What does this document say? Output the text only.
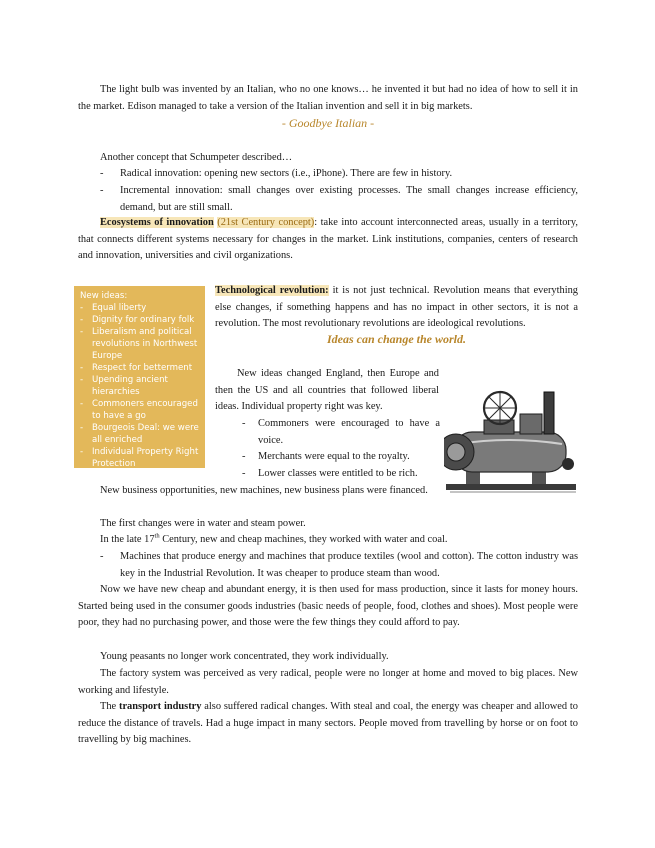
The light bulb was invented by an Italian, who no one knows… he invented it but had no idea of how to sell it in the market. Edison managed to take a version of the Italian invention and sell it in big markets.

- Goodbye Italian -

Another concept that Schumpeter described…

- Radical innovation: opening new sectors (i.e., iPhone). There are few in history.

- Incremental innovation: small changes over existing processes. The small changes increase efficiency, demand, but are still small.

Ecosystems of innovation (21st Century concept): take into account interconnected areas, usually in a territory, that connects different systems necessary for changes in the market. Link institutions, companies, centers of research and innovation, universities and civil organizations.

New ideas:
-	Equal liberty
-	Dignity for ordinary folk
-	Liberalism and political revolutions in Northwest Europe
-	Respect for betterment
-	Upending ancient hierarchies
-	Commoners encouraged to have a go
-	Bourgeois Deal: we were all enriched
-	Individual Property Right Protection

Technological revolution: it is not just technical. Revolution means that everything else changes, if something happens and has no impact in other sectors, it is not a revolution. The most revolutionary revolutions are ideological revolutions.

Ideas can change the world.

New ideas changed England, then Europe and then the US and all countries that followed liberal ideas. Individual property right was key.

- Commoners were encouraged to have a voice.

- Merchants were equal to the royalty.

- Lower classes were entitled to be rich.

New business opportunities, new machines, new business plans were financed.

The first changes were in water and steam power.

In the late 17th Century, new and cheap machines, they worked with water and coal.

- Machines that produce energy and machines that produce textiles (wool and cotton). The cotton industry was key in the Industrial Revolution. It was cheaper to produce steam than wood.

Now we have new cheap and abundant energy, it is then used for mass production, since it lasts for money hours. Started being used in the consumer goods industries (basic needs of people, food, clothes and shoes). Most people were poor, they had no purchasing power, and those were the few things they could afford to pay.

Young peasants no longer work concentrated, they work individually.

The factory system was perceived as very radical, people were no longer at home and moved to big places. New working and lifestyle.

The transport industry also suffered radical changes. With steal and coal, the energy was cheaper and allowed to reduce the distance of travels. Had a huge impact in many sectors. People moved from travelling by horse or on foot to travelling by big machines.
